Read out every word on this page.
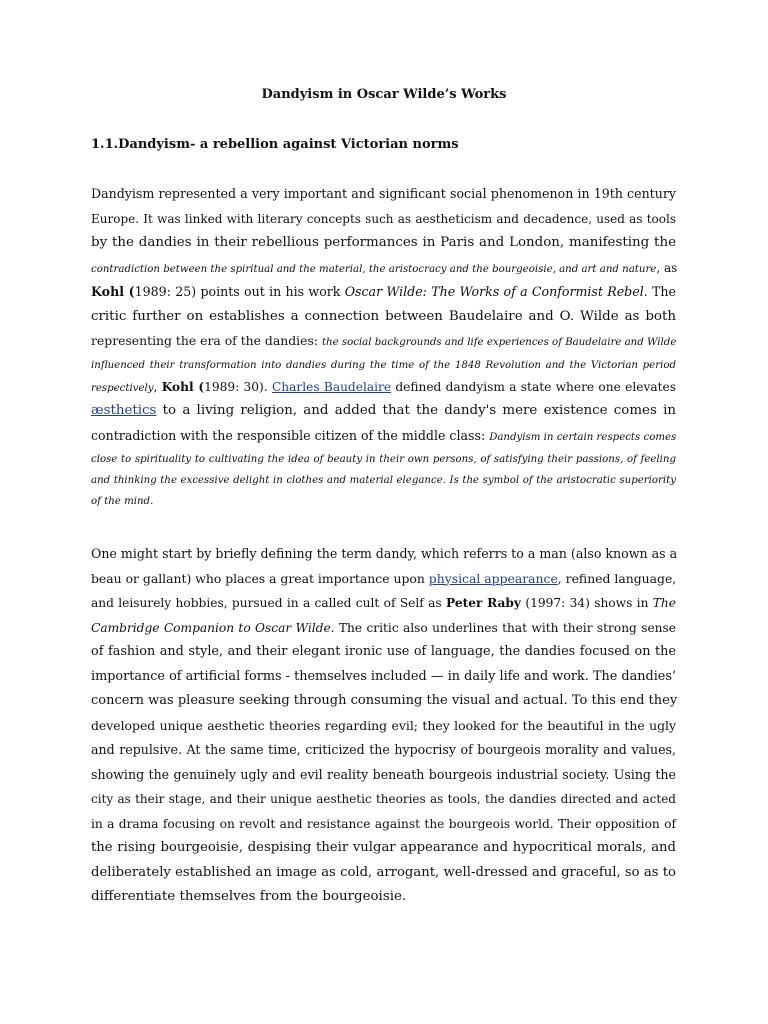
Dandyism in Oscar Wilde’s Works
1.1.Dandyism- a rebellion against Victorian norms
Dandyism represented a very important and significant social phenomenon in 19th century
Europe. It was linked with literary concepts such as aestheticism and decadence, used as tools
by the dandies in their rebellious performances in Paris and London, manifesting the
contradiction between the spiritual and the material, the aristocracy and the bourgeoisie, and art and nature, as
Kohl (1989: 25) points out in his work Oscar Wilde: The Works of a Conformist Rebel. The
critic further on establishes a connection between Baudelaire and O. Wilde as both
representing the era of the dandies: the social backgrounds and life experiences of Baudelaire and Wilde
influenced their transformation into dandies during the time of the 1848 Revolution and the Victorian period
respectively, Kohl (1989: 30). Charles Baudelaire defined dandyism a state where one elevates
æsthetics to a living religion, and added that the dandy's mere existence comes in
contradiction with the responsible citizen of the middle class: Dandyism in certain respects comes
close to spirituality to cultivating the idea of beauty in their own persons, of satisfying their passions, of feeling
and thinking the excessive delight in clothes and material elegance. Is the symbol of the aristocratic superiority
of the mind.
One might start by briefly defining the term dandy, which referrs to a man (also known as a
beau or gallant) who places a great importance upon physical appearance, refined language,
and leisurely hobbies, pursued in a called cult of Self as Peter Raby (1997: 34) shows in The
Cambridge Companion to Oscar Wilde. The critic also underlines that with their strong sense
of fashion and style, and their elegant ironic use of language, the dandies focused on the
importance of artificial forms - themselves included — in daily life and work. The dandies‘
concern was pleasure seeking through consuming the visual and actual. To this end they
developed unique aesthetic theories regarding evil; they looked for the beautiful in the ugly
and repulsive. At the same time, criticized the hypocrisy of bourgeois morality and values,
showing the genuinely ugly and evil reality beneath bourgeois industrial society. Using the
city as their stage, and their unique aesthetic theories as tools, the dandies directed and acted
in a drama focusing on revolt and resistance against the bourgeois world. Their opposition of
the rising bourgeoisie, despising their vulgar appearance and hypocritical morals, and
deliberately established an image as cold, arrogant, well-dressed and graceful, so as to
differentiate themselves from the bourgeoisie.
